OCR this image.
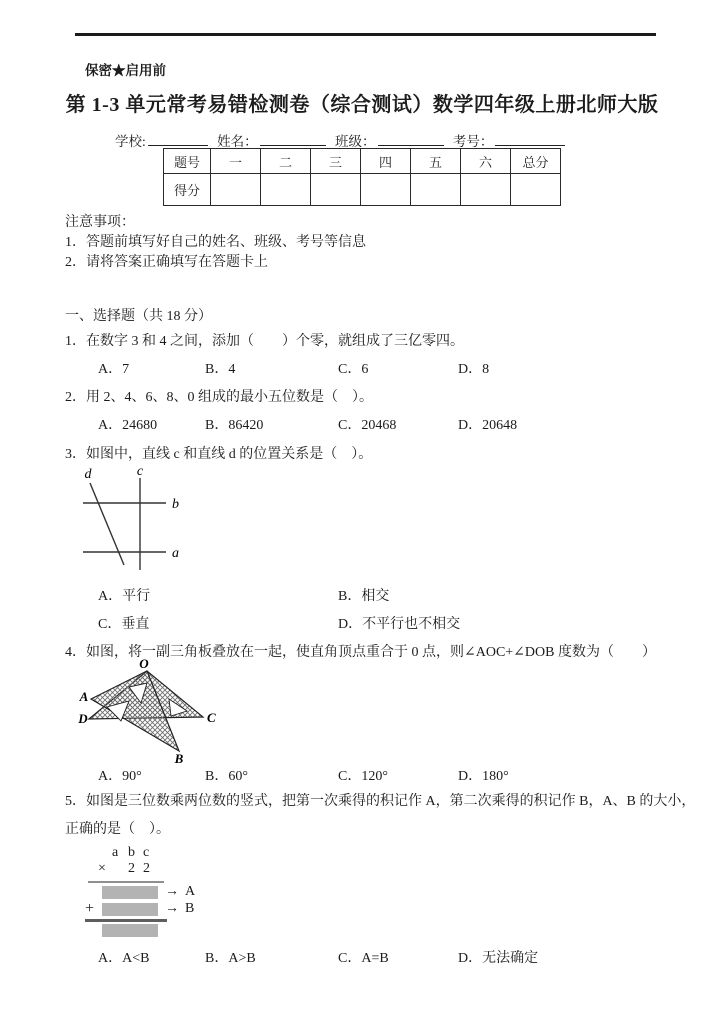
保密★启用前
第 1-3 单元常考易错检测卷（综合测试）数学四年级上册北师大版
学校:	姓名：	班级：	考号：
题号	一	二	三	四	五	六	总分
得分							
注意事项：
1．答题前填写好自己的姓名、班级、考号等信息
2．请将答案正确填写在答题卡上
一、选择题（共 18 分）
1．在数字 3 和 4 之间，添加（　　）个零，就组成了三亿零四。
A．7	B．4	C．6	D．8
2．用 2、4、6、8、0 组成的最小五位数是（　）。
A．24680	B．86420	C．20468	D．20648
3．如图中，直线 c 和直线 d 的位置关系是（　）。
d	c
b
a
A．平行	B．相交
C．垂直	D．不平行也不相交
4．如图，将一副三角板叠放在一起，使直角顶点重合于 0 点，则∠AOC+∠DOB 度数为（　　）
O
A
D	C
B
A．90°	B．60°	C．120°	D．180°
5．如图是三位数乘两位数的竖式，把第一次乘得的积记作 A，第二次乘得的积记作 B，A、B 的大小，
正确的是（　）。
a b c
× 2 2
→ A
+	→ B
A．A<B	B．A>B	C．A=B	D．无法确定
